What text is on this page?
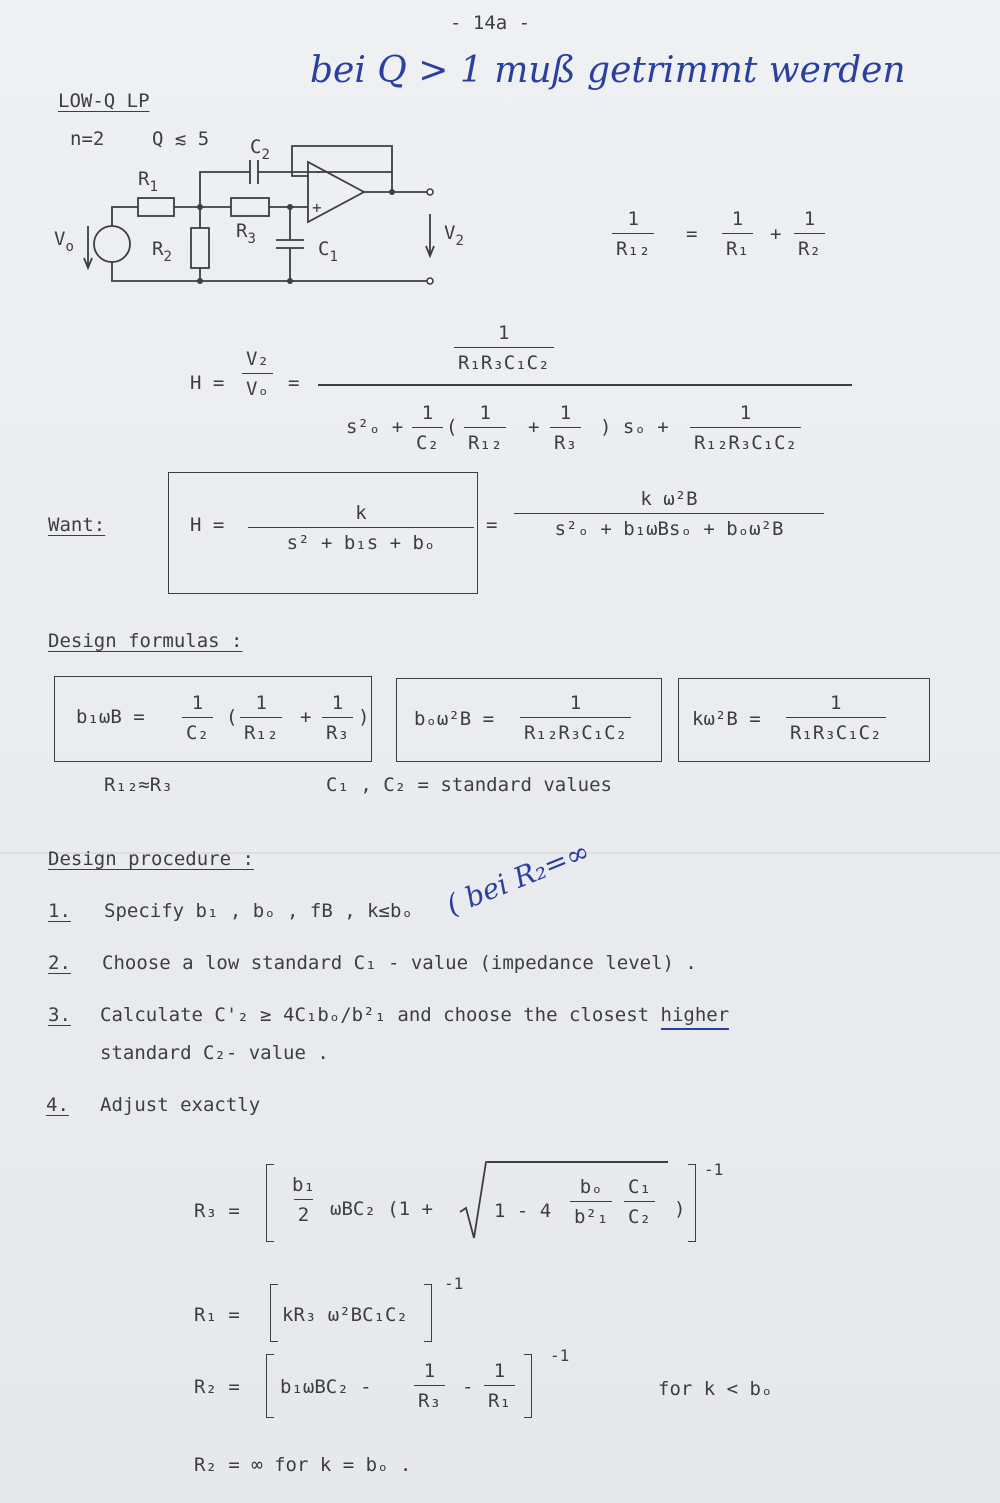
- 14a -
bei Q > 1 muß getrimmt werden
LOW-Q LP
n=2	Q ≲ 5
$R_1$
$R_2$
$R_3$
$C_2$
$C_1$
$V_o$
$V_2$
-
+
$\frac{1}{\text{R₁₂}} = \frac{1}{\text{R₁}} + \frac{1}{\text{R₂}}$
$H = \frac{\text{V₂}}{\text{Vₒ}}$ =
$\frac{1}{\text{R₁R₃C₁C₂}}$
$s^2_o + \frac{1}{\text{C₂}}$ ( $\frac{1}{\text{R₁₂}} + \frac{1}{\text{R₃}}$ ) $s_o + \frac{1}{\text{R₁₂R₃C₁C₂}}$
Want:	$H = \frac{k}{\text{s² + b₁s + bₒ}}$ =
k ω²B
s²ₒ + b₁ωBsₒ + bₒω²B
Design formulas :
$b_1\omega B = \frac{1}{\text{C₂}}$ ( $\frac{1}{\text{R₁₂}} + \frac{1}{\text{R₃}}$ ) $b_o\omega^2B = \frac{1}{\text{R₁₂R₃C₁C₂}}$	$k\omega^2B = \frac{1}{\text{R₁R₃C₁C₂}}$
R₁₂≈R₃	C₁ , C₂ = standard values
Design procedure :	( bei R₂=∞
1. Specify b₁ , bₒ , fB , k≤bₒ
2. Choose a low standard C₁ - value (impedance level) .
3. Calculate C'₂ ≥ 4C₁bₒ/b²₁ and choose the closest higher
standard C₂- value .
4. Adjust exactly
R₃ =	$\frac{\text{b₁}}{2} \omega BC_2$ (1 +	$1 - 4 \frac{\text{bₒ}}{\text{b²₁}} \frac{\text{C₁}}{\text{C₂}}$ )
-1
R₁ = kR₃ ω²BC₁C₂
-1
$R_2 = b_1\omega BC_2 - \frac{1}{\text{R₃}} - \frac{1}{\text{R₁}}$
-1
for k < bₒ
R₂ = ∞ for k = bₒ .
